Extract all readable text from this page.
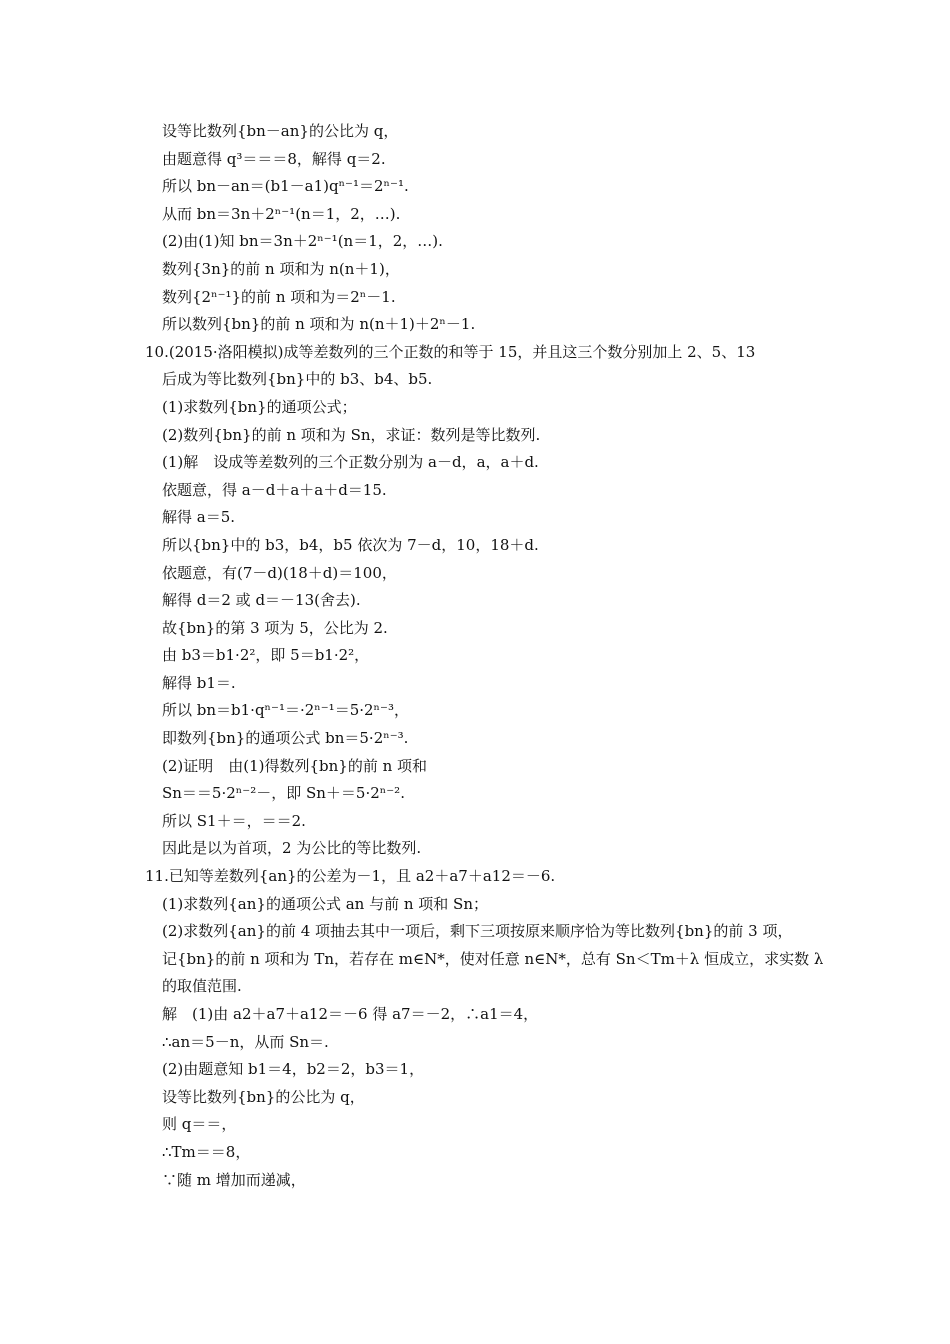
设等比数列{bn－an}的公比为 q，
由题意得 q³＝＝＝8，解得 q＝2.
所以 bn－an＝(b1－a1)qⁿ⁻¹＝2ⁿ⁻¹.
从而 bn＝3n＋2ⁿ⁻¹(n＝1，2，…).
(2)由(1)知 bn＝3n＋2ⁿ⁻¹(n＝1，2，…).
数列{3n}的前 n 项和为 n(n＋1)，
数列{2ⁿ⁻¹}的前 n 项和为＝2ⁿ－1.
所以数列{bn}的前 n 项和为 n(n＋1)＋2ⁿ－1.
10.(2015·洛阳模拟)成等差数列的三个正数的和等于 15，并且这三个数分别加上 2、5、13
后成为等比数列{bn}中的 b3、b4、b5.
(1)求数列{bn}的通项公式；
(2)数列{bn}的前 n 项和为 Sn，求证：数列是等比数列.
(1)解　设成等差数列的三个正数分别为 a－d，a，a＋d.
依题意，得 a－d＋a＋a＋d＝15.
解得 a＝5.
所以{bn}中的 b3，b4，b5 依次为 7－d，10，18＋d.
依题意，有(7－d)(18＋d)＝100，
解得 d＝2 或 d＝－13(舍去).
故{bn}的第 3 项为 5，公比为 2.
由 b3＝b1·2²，即 5＝b1·2²，
解得 b1＝.
所以 bn＝b1·qⁿ⁻¹＝·2ⁿ⁻¹＝5·2ⁿ⁻³，
即数列{bn}的通项公式 bn＝5·2ⁿ⁻³.
(2)证明　由(1)得数列{bn}的前 n 项和
Sn＝＝5·2ⁿ⁻²－，即 Sn＋＝5·2ⁿ⁻².
所以 S1＋＝，＝＝2.
因此是以为首项，2 为公比的等比数列.
11.已知等差数列{an}的公差为－1，且 a2＋a7＋a12＝－6.
(1)求数列{an}的通项公式 an 与前 n 项和 Sn；
(2)求数列{an}的前 4 项抽去其中一项后，剩下三项按原来顺序恰为等比数列{bn}的前 3 项，
记{bn}的前 n 项和为 Tn，若存在 m∈N*，使对任意 n∈N*，总有 Sn＜Tm＋λ 恒成立，求实数 λ
的取值范围.
解　(1)由 a2＋a7＋a12＝－6 得 a7＝－2，∴a1＝4，
∴an＝5－n，从而 Sn＝.
(2)由题意知 b1＝4，b2＝2，b3＝1，
设等比数列{bn}的公比为 q，
则 q＝＝，
∴Tm＝＝8，
∵随 m 增加而递减，
